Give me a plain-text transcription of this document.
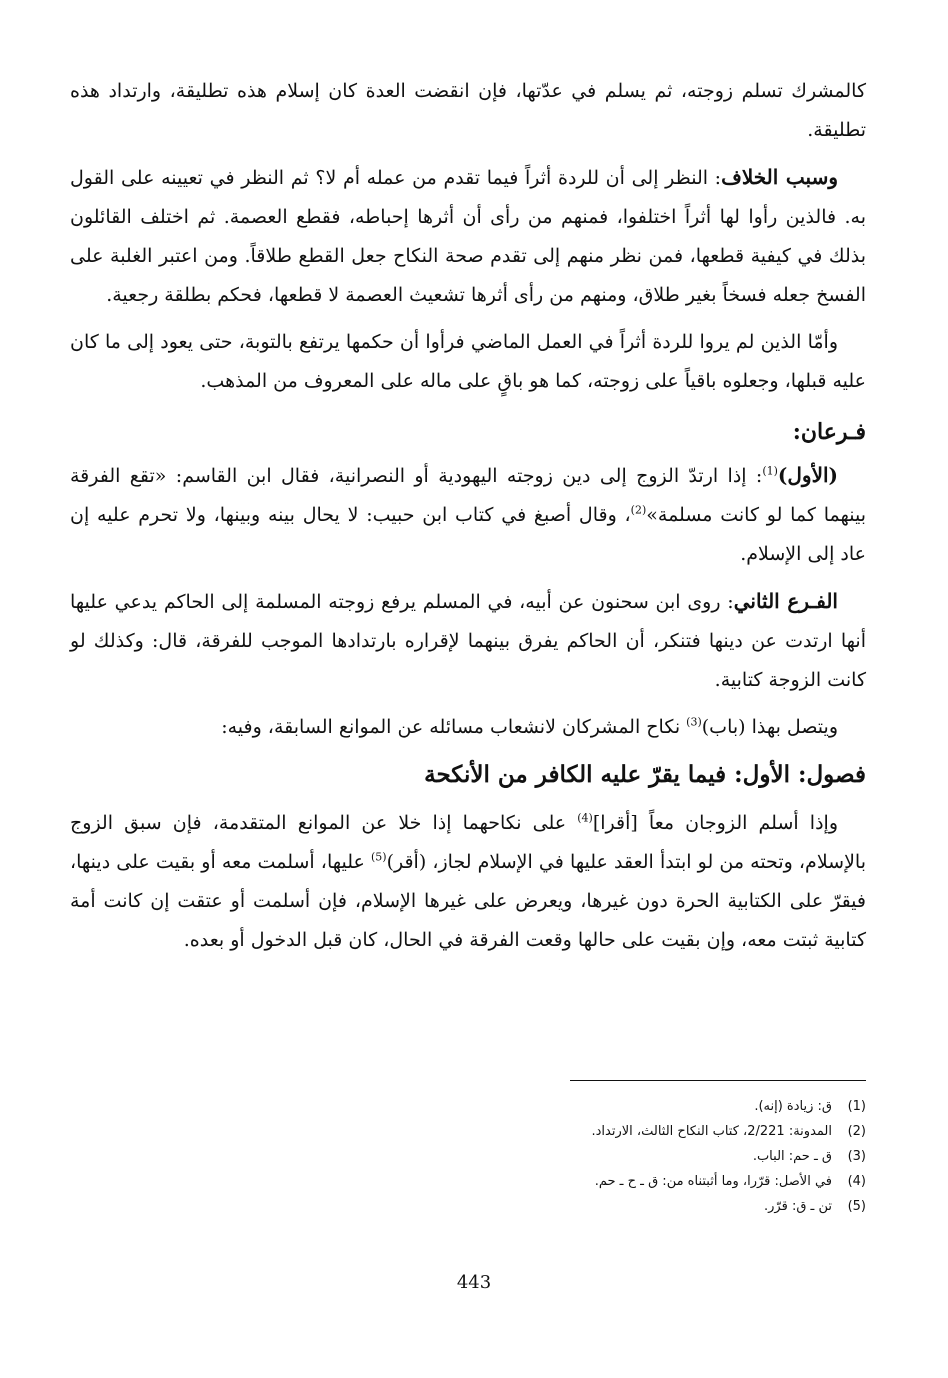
كالمشرك تسلم زوجته، ثم يسلم في عدّتها، فإن انقضت العدة كان إسلام هذه تطليقة، وارتداد هذه تطليقة.

وسبب الخلاف: النظر إلى أن للردة أثراً فيما تقدم من عمله أم لا؟ ثم النظر في تعيينه على القول به. فالذين رأوا لها أثراً اختلفوا، فمنهم من رأى أن أثرها إحباطه، فقطع العصمة. ثم اختلف القائلون بذلك في كيفية قطعها، فمن نظر منهم إلى تقدم صحة النكاح جعل القطع طلاقاً. ومن اعتبر الغلبة على الفسخ جعله فسخاً بغير طلاق، ومنهم من رأى أثرها تشعيث العصمة لا قطعها، فحكم بطلقة رجعية.

وأمّا الذين لم يروا للردة أثراً في العمل الماضي فرأوا أن حكمها يرتفع بالتوبة، حتى يعود إلى ما كان عليه قبلها، وجعلوه باقياً على زوجته، كما هو باقٍ على ماله على المعروف من المذهب.

فـرعان:

(الأول)$^{(1)}$: إذا ارتدّ الزوج إلى دين زوجته اليهودية أو النصرانية، فقال ابن القاسم: «تقع الفرقة بينهما كما لو كانت مسلمة»$^{(2)}$، وقال أصبغ في كتاب ابن حبيب: لا يحال بينه وبينها، ولا تحرم عليه إن عاد إلى الإسلام.

الفـرع الثاني: روى ابن سحنون عن أبيه، في المسلم يرفع زوجته المسلمة إلى الحاكم يدعي عليها أنها ارتدت عن دينها فتنكر، أن الحاكم يفرق بينهما لإقراره بارتدادها الموجب للفرقة، قال: وكذلك لو كانت الزوجة كتابية.

ويتصل بهذا (باب)$^{(3)}$ نكاح المشركان لانشعاب مسائله عن الموانع السابقة، وفيه:

فصول: الأول: فيما يقرّ عليه الكافر من الأنكحة

وإذا أسلم الزوجان معاً [أقرا]$^{(4)}$ على نكاحهما إذا خلا عن الموانع المتقدمة، فإن سبق الزوج بالإسلام، وتحته من لو ابتدأ العقد عليها في الإسلام لجاز، (أقر)$^{(5)}$ عليها، أسلمت معه أو بقيت على دينها، فيقرّ على الكتابية الحرة دون غيرها، ويعرض على غيرها الإسلام، فإن أسلمت أو عتقت إن كانت أمة كتابية ثبتت معه، وإن بقيت على حالها وقعت الفرقة في الحال، كان قبل الدخول أو بعده.

(1)ق: زيادة (إنه).
(2)المدونة: 2/221، كتاب النكاح الثالث، الارتداد.
(3)ق ـ حم: الباب.
(4)في الأصل: قرّرا، وما أثبتناه من: ق ـ ح ـ حم.
(5)تن ـ ق: قرّر.
443
